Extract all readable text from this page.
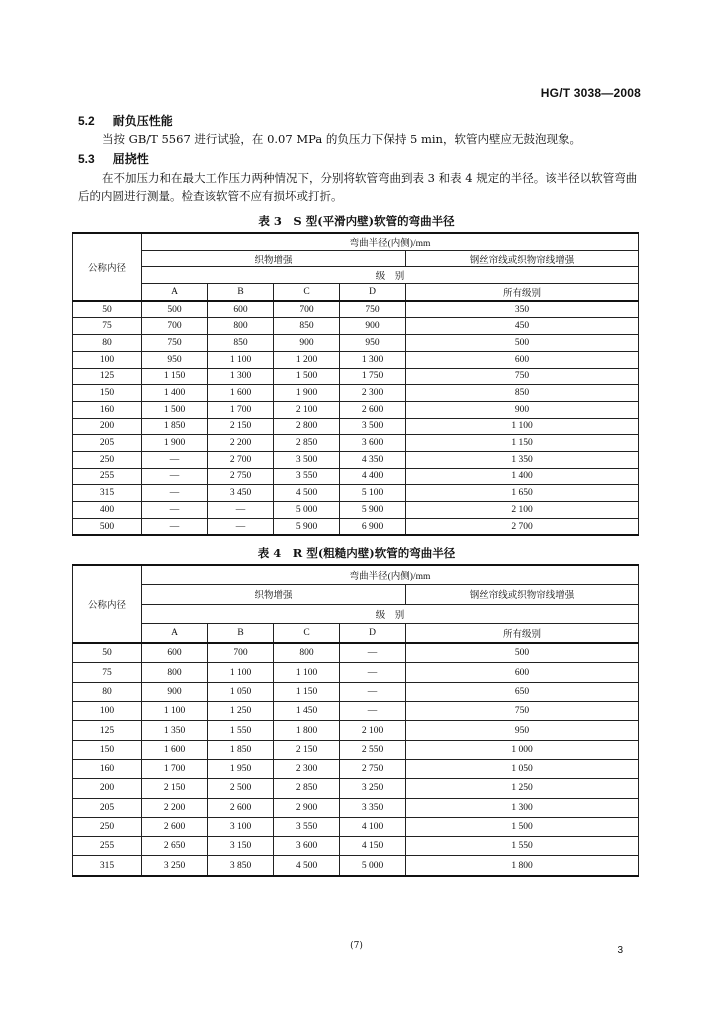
HG/T 3038—2008
5.2 耐负压性能
当按 GB/T 5567 进行试验，在 0.07 MPa 的负压力下保持 5 min，软管内壁应无鼓泡现象。
5.3 屈挠性
在不加压力和在最大工作压力两种情况下，分别将软管弯曲到表 3 和表 4 规定的半径。该半径以软管弯曲后的内圆进行测量。检查该软管不应有损坏或打折。
表 3　S 型(平滑内壁)软管的弯曲半径
公称内径	弯曲半径(内侧)/mm				
	织物增强				钢丝帘线或织物帘线增强
	级　别				
	A	B	C	D	所有级别
50	500	600	700	750	350
75	700	800	850	900	450
80	750	850	900	950	500
100	950	1 100	1 200	1 300	600
125	1 150	1 300	1 500	1 750	750
150	1 400	1 600	1 900	2 300	850
160	1 500	1 700	2 100	2 600	900
200	1 850	2 150	2 800	3 500	1 100
205	1 900	2 200	2 850	3 600	1 150
250	—	2 700	3 500	4 350	1 350
255	—	2 750	3 550	4 400	1 400
315	—	3 450	4 500	5 100	1 650
400	—	—	5 000	5 900	2 100
500	—	—	5 900	6 900	2 700
表 4　R 型(粗糙内壁)软管的弯曲半径
公称内径	弯曲半径(内侧)/mm				
	织物增强				钢丝帘线或织物帘线增强
	级　别				
	A	B	C	D	所有级别
50	600	700	800	—	500
75	800	1 100	1 100	—	600
80	900	1 050	1 150	—	650
100	1 100	1 250	1 450	—	750
125	1 350	1 550	1 800	2 100	950
150	1 600	1 850	2 150	2 550	1 000
160	1 700	1 950	2 300	2 750	1 050
200	2 150	2 500	2 850	3 250	1 250
205	2 200	2 600	2 900	3 350	1 300
250	2 600	3 100	3 550	4 100	1 500
255	2 650	3 150	3 600	4 150	1 550
315	3 250	3 850	4 500	5 000	1 800
(7)	3
